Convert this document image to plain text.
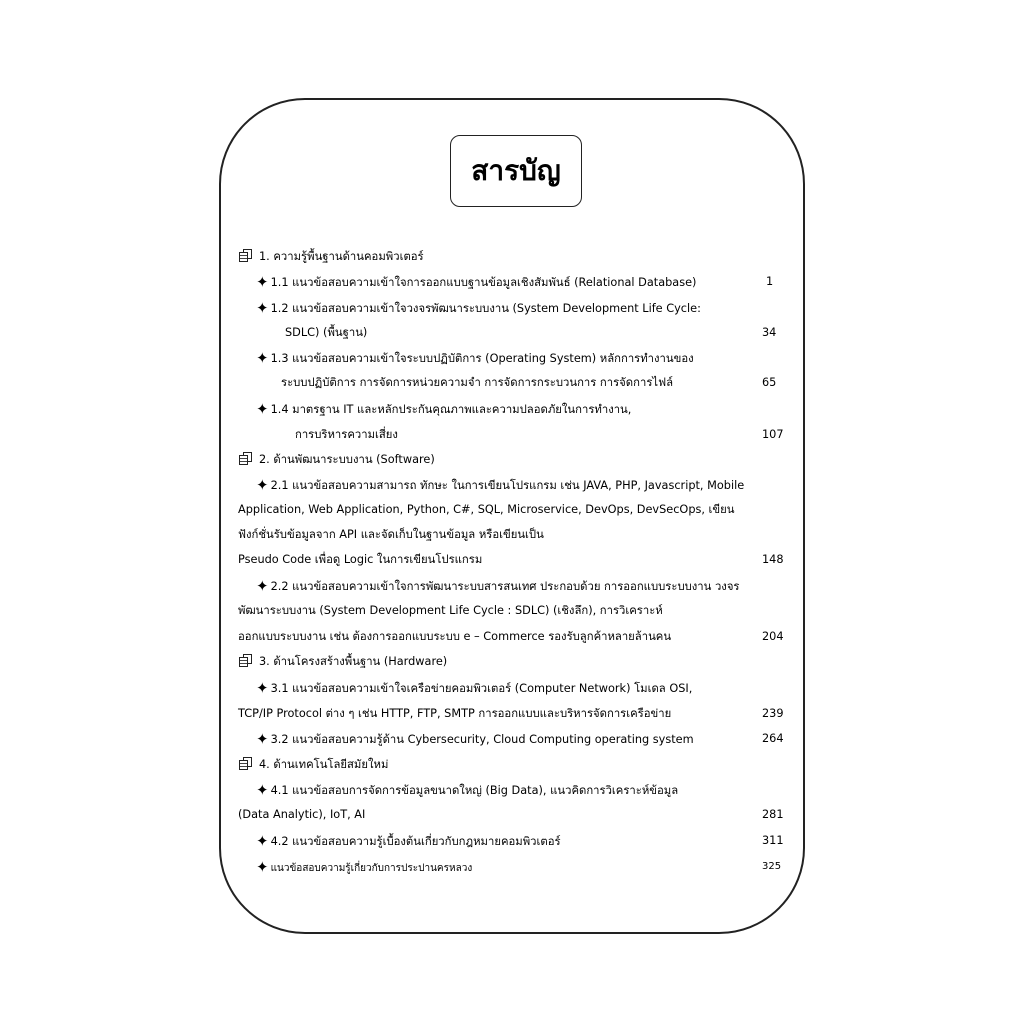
สารบัญ
1. ความรู้พื้นฐานด้านคอมพิวเตอร์
✦ 1.1 แนวข้อสอบความเข้าใจการออกแบบฐานข้อมูลเชิงสัมพันธ์ (Relational Database)	1
✦ 1.2 แนวข้อสอบความเข้าใจวงจรพัฒนาระบบงาน (System Development Life Cycle:
SDLC) (พื้นฐาน)	34
✦ 1.3 แนวข้อสอบความเข้าใจระบบปฏิบัติการ (Operating System) หลักการทำงานของ
ระบบปฏิบัติการ การจัดการหน่วยความจำ การจัดการกระบวนการ การจัดการไฟล์	65
✦ 1.4 มาตรฐาน IT และหลักประกันคุณภาพและความปลอดภัยในการทำงาน,
การบริหารความเสี่ยง	107
2. ด้านพัฒนาระบบงาน (Software)
✦ 2.1 แนวข้อสอบความสามารถ ทักษะ ในการเขียนโปรแกรม เช่น JAVA, PHP, Javascript, Mobile
Application, Web Application, Python, C#, SQL, Microservice, DevOps, DevSecOps, เขียน
ฟังก์ชั่นรับข้อมูลจาก API และจัดเก็บในฐานข้อมูล หรือเขียนเป็น
Pseudo Code เพื่อดู Logic ในการเขียนโปรแกรม	148
✦ 2.2 แนวข้อสอบความเข้าใจการพัฒนาระบบสารสนเทศ ประกอบด้วย การออกแบบระบบงาน วงจร
พัฒนาระบบงาน (System Development Life Cycle : SDLC) (เชิงลึก), การวิเคราะห์
ออกแบบระบบงาน เช่น ต้องการออกแบบระบบ e – Commerce รองรับลูกค้าหลายล้านคน	204
3. ด้านโครงสร้างพื้นฐาน (Hardware)
✦ 3.1 แนวข้อสอบความเข้าใจเครือข่ายคอมพิวเตอร์ (Computer Network) โมเดล OSI,
TCP/IP Protocol ต่าง ๆ เช่น HTTP, FTP, SMTP การออกแบบและบริหารจัดการเครือข่าย	239
✦ 3.2 แนวข้อสอบความรู้ด้าน Cybersecurity, Cloud Computing operating system	264
4. ด้านเทคโนโลยีสมัยใหม่
✦ 4.1 แนวข้อสอบการจัดการข้อมูลขนาดใหญ่ (Big Data), แนวคิดการวิเคราะห์ข้อมูล
(Data Analytic), IoT, AI	281
✦ 4.2 แนวข้อสอบความรู้เบื้องต้นเกี่ยวกับกฎหมายคอมพิวเตอร์	311
✦ แนวข้อสอบความรู้เกี่ยวกับการประปานครหลวง	325
